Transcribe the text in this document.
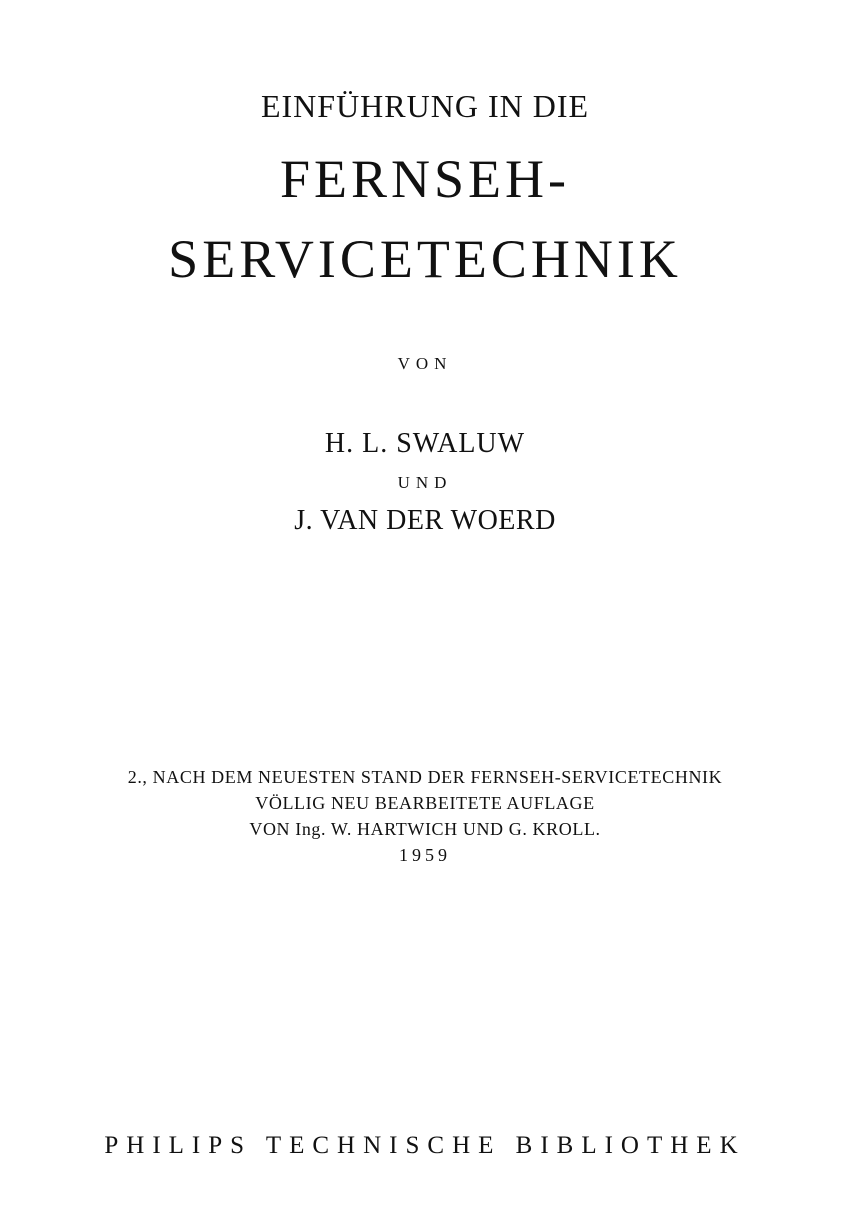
EINFÜHRUNG IN DIE
FERNSEH-
SERVICETECHNIK
VON
H. L. SWALUW
UND
J. VAN DER WOERD
2., NACH DEM NEUESTEN STAND DER FERNSEH-SERVICETECHNIK
VÖLLIG NEU BEARBEITETE AUFLAGE
VON Ing. W. HARTWICH UND G. KROLL.
1959
PHILIPS TECHNISCHE BIBLIOTHEK
